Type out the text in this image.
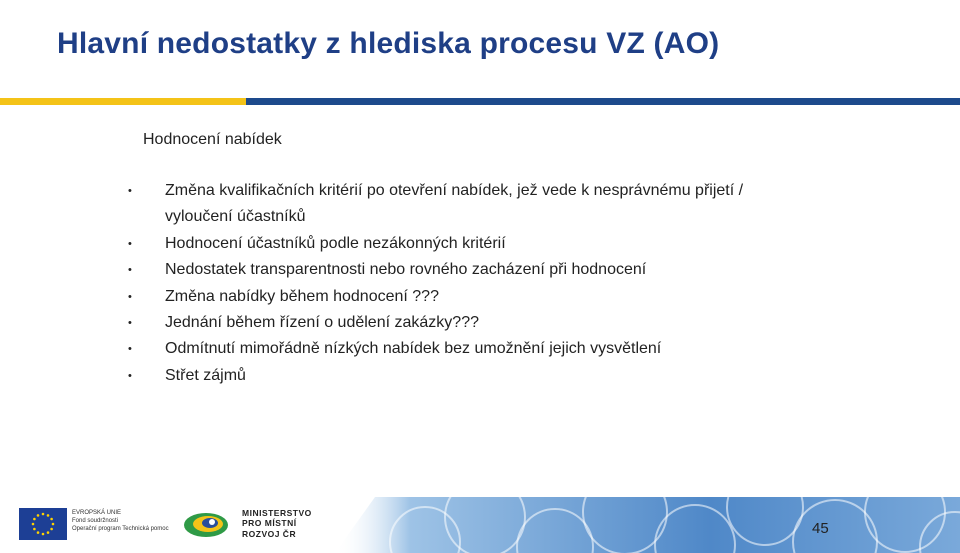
Hlavní nedostatky z hlediska procesu VZ (AO)
Hodnocení nabídek
• Změna kvalifikačních kritérií po otevření nabídek, jež vede k nesprávnému přijetí /
vyloučení účastníků
• Hodnocení účastníků podle nezákonných kritérií
• Nedostatek transparentnosti nebo rovného zacházení při hodnocení
• Změna nabídky během hodnocení ???
• Jednání během řízení o udělení zakázky???
• Odmítnutí mimořádně nízkých nabídek bez umožnění jejich vysvětlení
• Střet zájmů
45
EVROPSKÁ UNIE
Fond soudržnosti
Operační program Technická pomoc
MINISTERSTVO
PRO MÍSTNÍ
ROZVOJ ČR
